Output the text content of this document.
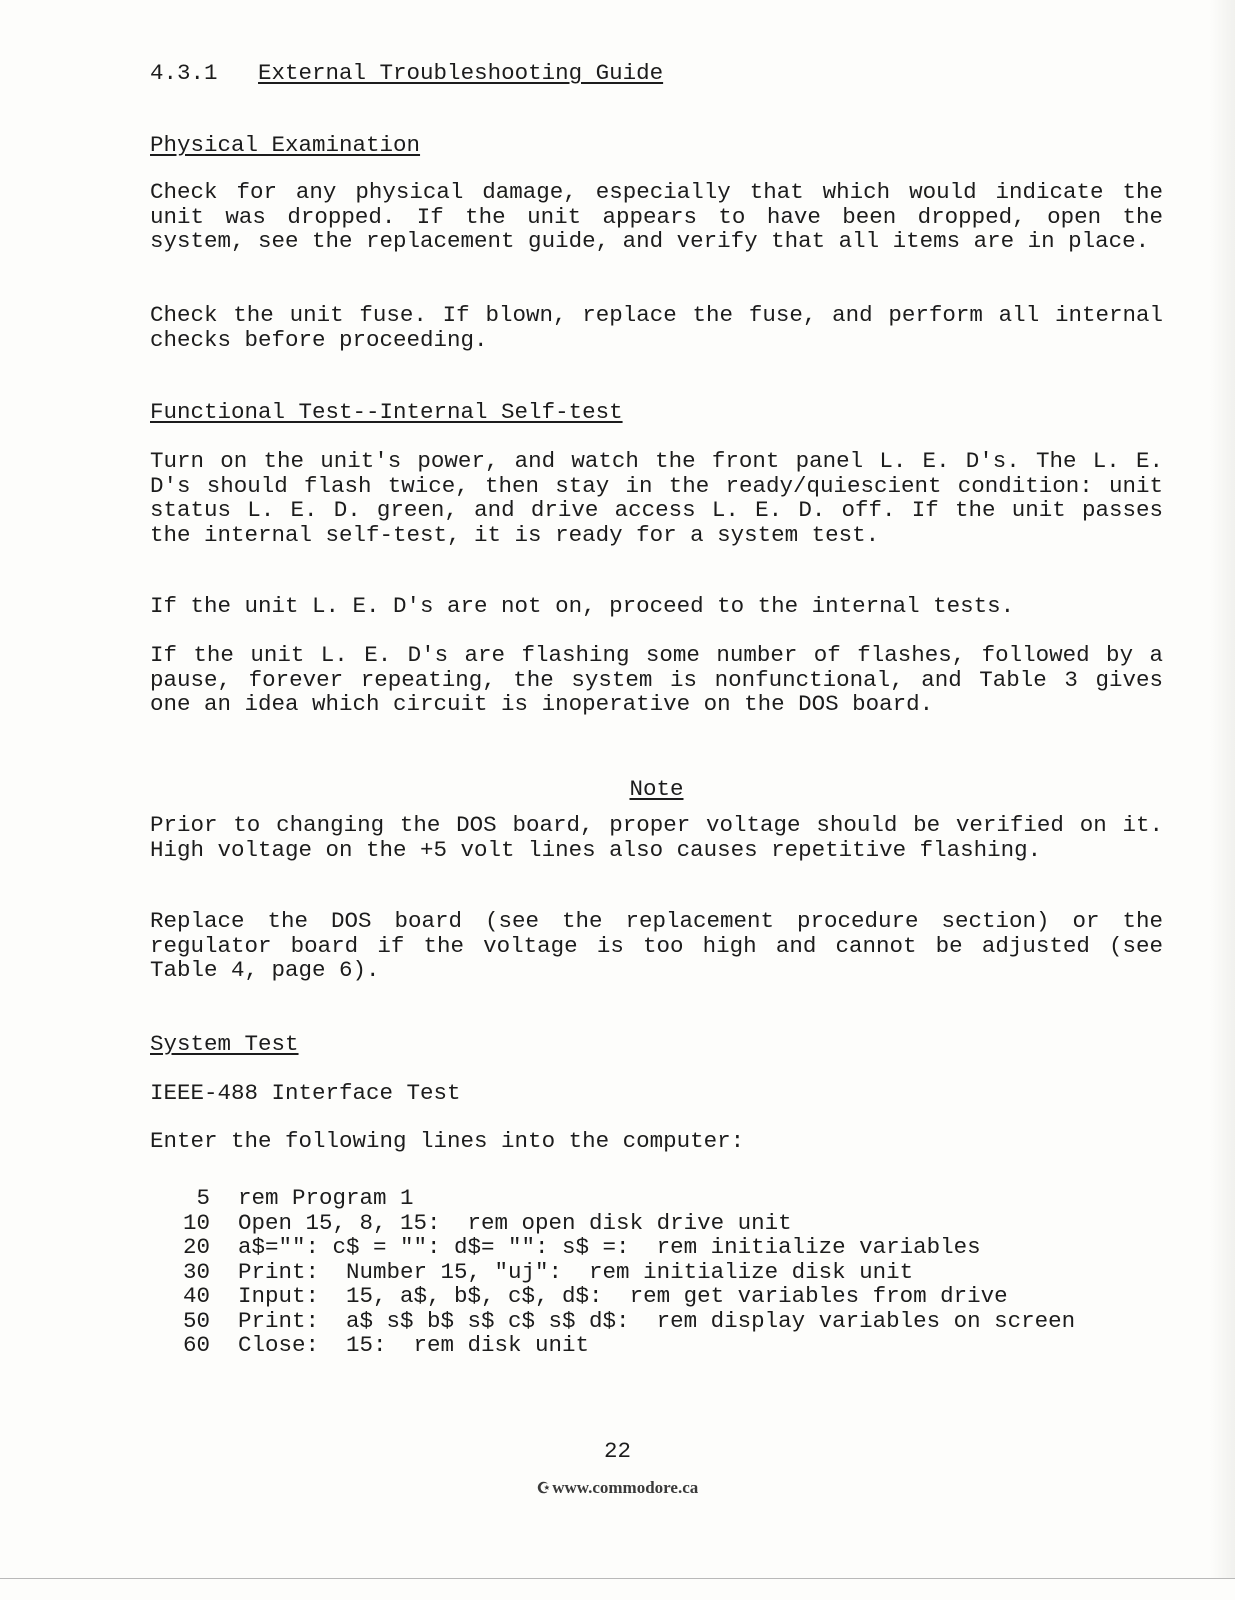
4.3.1 External Troubleshooting Guide
Physical Examination

Check for any physical damage, especially that which would indicate the unit was dropped. If the unit appears to have been dropped, open the system, see the replacement guide, and verify that all items are in place.

Check the unit fuse. If blown, replace the fuse, and perform all internal checks before proceeding.

Functional Test--Internal Self-test

Turn on the unit's power, and watch the front panel L. E. D's. The L. E. D's should flash twice, then stay in the ready/quiescient condition: unit status L. E. D. green, and drive access L. E. D. off. If the unit passes the internal self-test, it is ready for a system test.

If the unit L. E. D's are not on, proceed to the internal tests.

If the unit L. E. D's are flashing some number of flashes, followed by a pause, forever repeating, the system is nonfunctional, and Table 3 gives one an idea which circuit is inoperative on the DOS board.

Note

Prior to changing the DOS board, proper voltage should be verified on it. High voltage on the +5 volt lines also causes repetitive flashing.

Replace the DOS board (see the replacement procedure section) or the regulator board if the voltage is too high and cannot be adjusted (see Table 4, page 6).

System Test
IEEE-488 Interface Test
Enter the following lines into the computer:
5 rem Program 1
10 Open 15, 8, 15:  rem open disk drive unit
20 a$="": c$ = "": d$= "": s$ =:  rem initialize variables
30 Print:  Number 15, "uj":  rem initialize disk unit
40 Input:  15, a$, b$, c$, d$:  rem get variables from drive
50 Print:  a$ s$ b$ s$ c$ s$ d$:  rem display variables on screen
60 Close:  15:  rem disk unit
22
☪ www.commodore.ca
